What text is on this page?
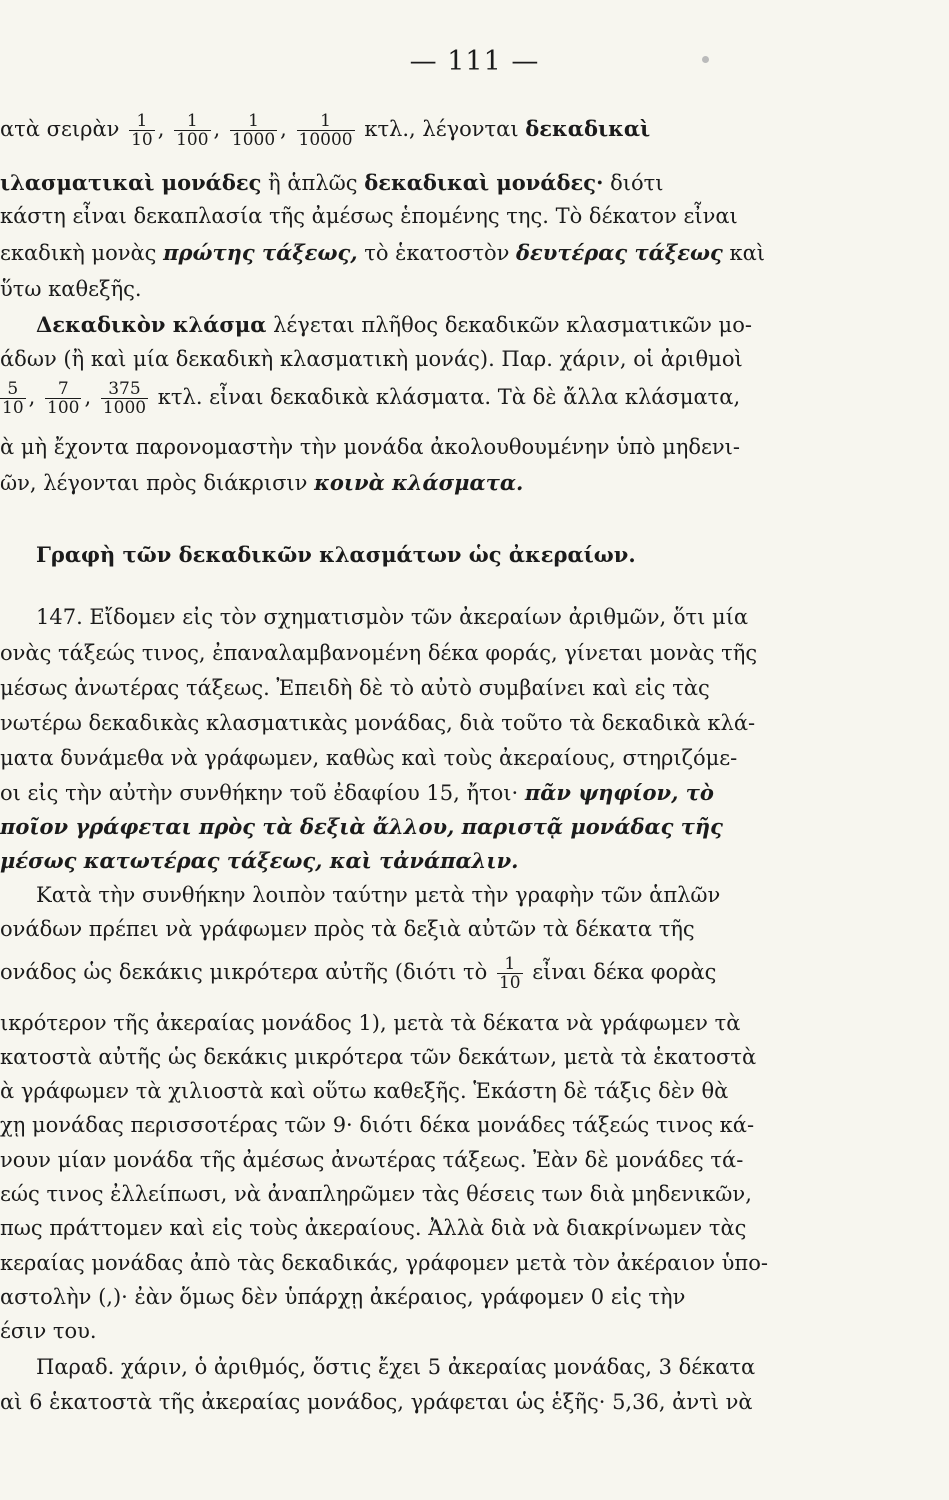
— 111 —
ατὰ σειρὰν $\frac{1}{10}$ , $\frac{1}{100}$ , $\frac{1}{1000}$ , $\frac{1}{10000} \kappa\tau\lambda$., λέγονται δεκαδικαὶ
ιλασματικαὶ μονάδες ἢ ἁπλῶς δεκαδικαὶ μονάδες· διότι
κάστη εἶναι δεκαπλασία τῆς ἀμέσως ἑπομένης της. Τὸ δέκατον εἶναι
εκαδικὴ μονὰς πρώτης τάξεως, τὸ ἑκατοστὸν δευτέρας τάξεως καὶ
ὕτω καθεξῆς.
Δεκαδικὸν κλάσμα λέγεται πλῆθος δεκαδικῶν κλασματικῶν μο-
άδων (ἢ καὶ μία δεκαδικὴ κλασματικὴ μονάς). Παρ. χάριν, οἱ ἀριθμοὶ
$\frac{5}{10}$ , $\frac{7}{100}$ , $\frac{375}{1000} \kappa\tau\lambda$. εἶναι δεκαδικὰ κλάσματα. Τὰ δὲ ἄλλα κλάσματα,
ὰ μὴ ἔχοντα παρονομαστὴν τὴν μονάδα ἀκολουθουμένην ὑπὸ μηδενι-
ῶν, λέγονται πρὸς διάκρισιν κοινὰ κλάσματα.
Γραφὴ τῶν δεκαδικῶν κλασμάτων ὡς ἀκεραίων.
147. Εἴδομεν εἰς τὸν σχηματισμὸν τῶν ἀκεραίων ἀριθμῶν, ὅτι μία
ονὰς τάξεώς τινος, ἐπαναλαμβανομένη δέκα φοράς, γίνεται μονὰς τῆς
μέσως ἀνωτέρας τάξεως. Ἐπειδὴ δὲ τὸ αὐτὸ συμβαίνει καὶ εἰς τὰς
νωτέρω δεκαδικὰς κλασματικὰς μονάδας, διὰ τοῦτο τὰ δεκαδικὰ κλά-
ματα δυνάμεθα νὰ γράφωμεν, καθὼς καὶ τοὺς ἀκεραίους, στηριζόμε-
οι εἰς τὴν αὐτὴν συνθήκην τοῦ ἐδαφίου 15, ἤτοι· πᾶν ψηφίον, τὸ
ποῖον γράφεται πρὸς τὰ δεξιὰ ἄλλου, παριστᾷ μονάδας τῆς
μέσως κατωτέρας τάξεως, καὶ τἀνάπαλιν.
Κατὰ τὴν συνθήκην λοιπὸν ταύτην μετὰ τὴν γραφὴν τῶν ἁπλῶν
ονάδων πρέπει νὰ γράφωμεν πρὸς τὰ δεξιὰ αὐτῶν τὰ δέκατα τῆς
ονάδος ὡς δεκάκις μικρότερα αὐτῆς (διότι τὸ $\frac{1}{10}$ εἶναι δέκα φορὰς
ικρότερον τῆς ἀκεραίας μονάδος 1), μετὰ τὰ δέκατα νὰ γράφωμεν τὰ
κατοστὰ αὐτῆς ὡς δεκάκις μικρότερα τῶν δεκάτων, μετὰ τὰ ἑκατοστὰ
ὰ γράφωμεν τὰ χιλιοστὰ καὶ οὕτω καθεξῆς. Ἑκάστη δὲ τάξις δὲν θὰ
χῃ μονάδας περισσοτέρας τῶν 9· διότι δέκα μονάδες τάξεώς τινος κά-
νουν μίαν μονάδα τῆς ἀμέσως ἀνωτέρας τάξεως. Ἐὰν δὲ μονάδες τά-
εώς τινος ἐλλείπωσι, νὰ ἀναπληρῶμεν τὰς θέσεις των διὰ μηδενικῶν,
πως πράττομεν καὶ εἰς τοὺς ἀκεραίους. Ἀλλὰ διὰ νὰ διακρίνωμεν τὰς
κεραίας μονάδας ἀπὸ τὰς δεκαδικάς, γράφομεν μετὰ τὸν ἀκέραιον ὑπο-
αστολὴν (,)· ἐὰν ὅμως δὲν ὑπάρχῃ ἀκέραιος, γράφομεν 0 εἰς τὴν
έσιν του.
Παραδ. χάριν, ὁ ἀριθμός, ὅστις ἔχει 5 ἀκεραίας μονάδας, 3 δέκατα
αὶ 6 ἑκατοστὰ τῆς ἀκεραίας μονάδος, γράφεται ὡς ἑξῆς· 5,36, ἀντὶ νὰ
